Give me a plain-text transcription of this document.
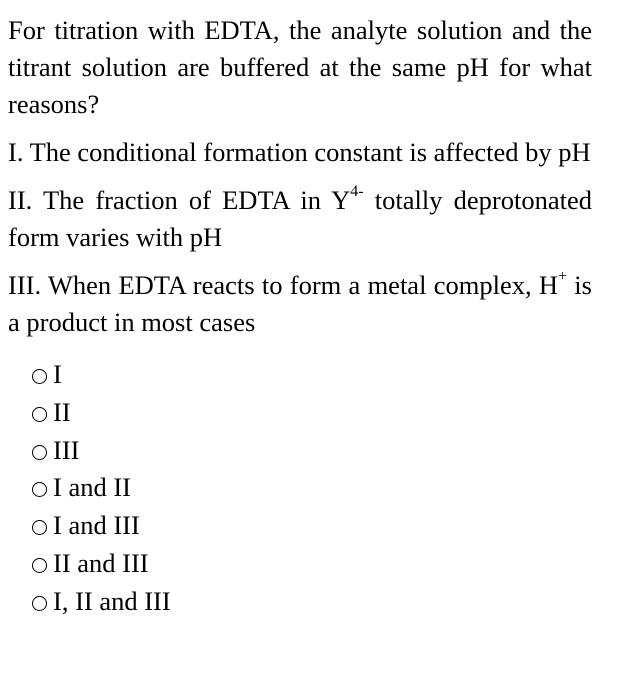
For titration with EDTA, the analyte solution and the titrant solution are buffered at the same pH for what reasons?

I. The conditional formation constant is affected by pH

II. The fraction of EDTA in $Y^{4-}$ totally deprotonated form varies with pH

III. When EDTA reacts to form a metal complex, H+ is a product in most cases

I
II
III
I and II
I and III
II and III
I, II and III
